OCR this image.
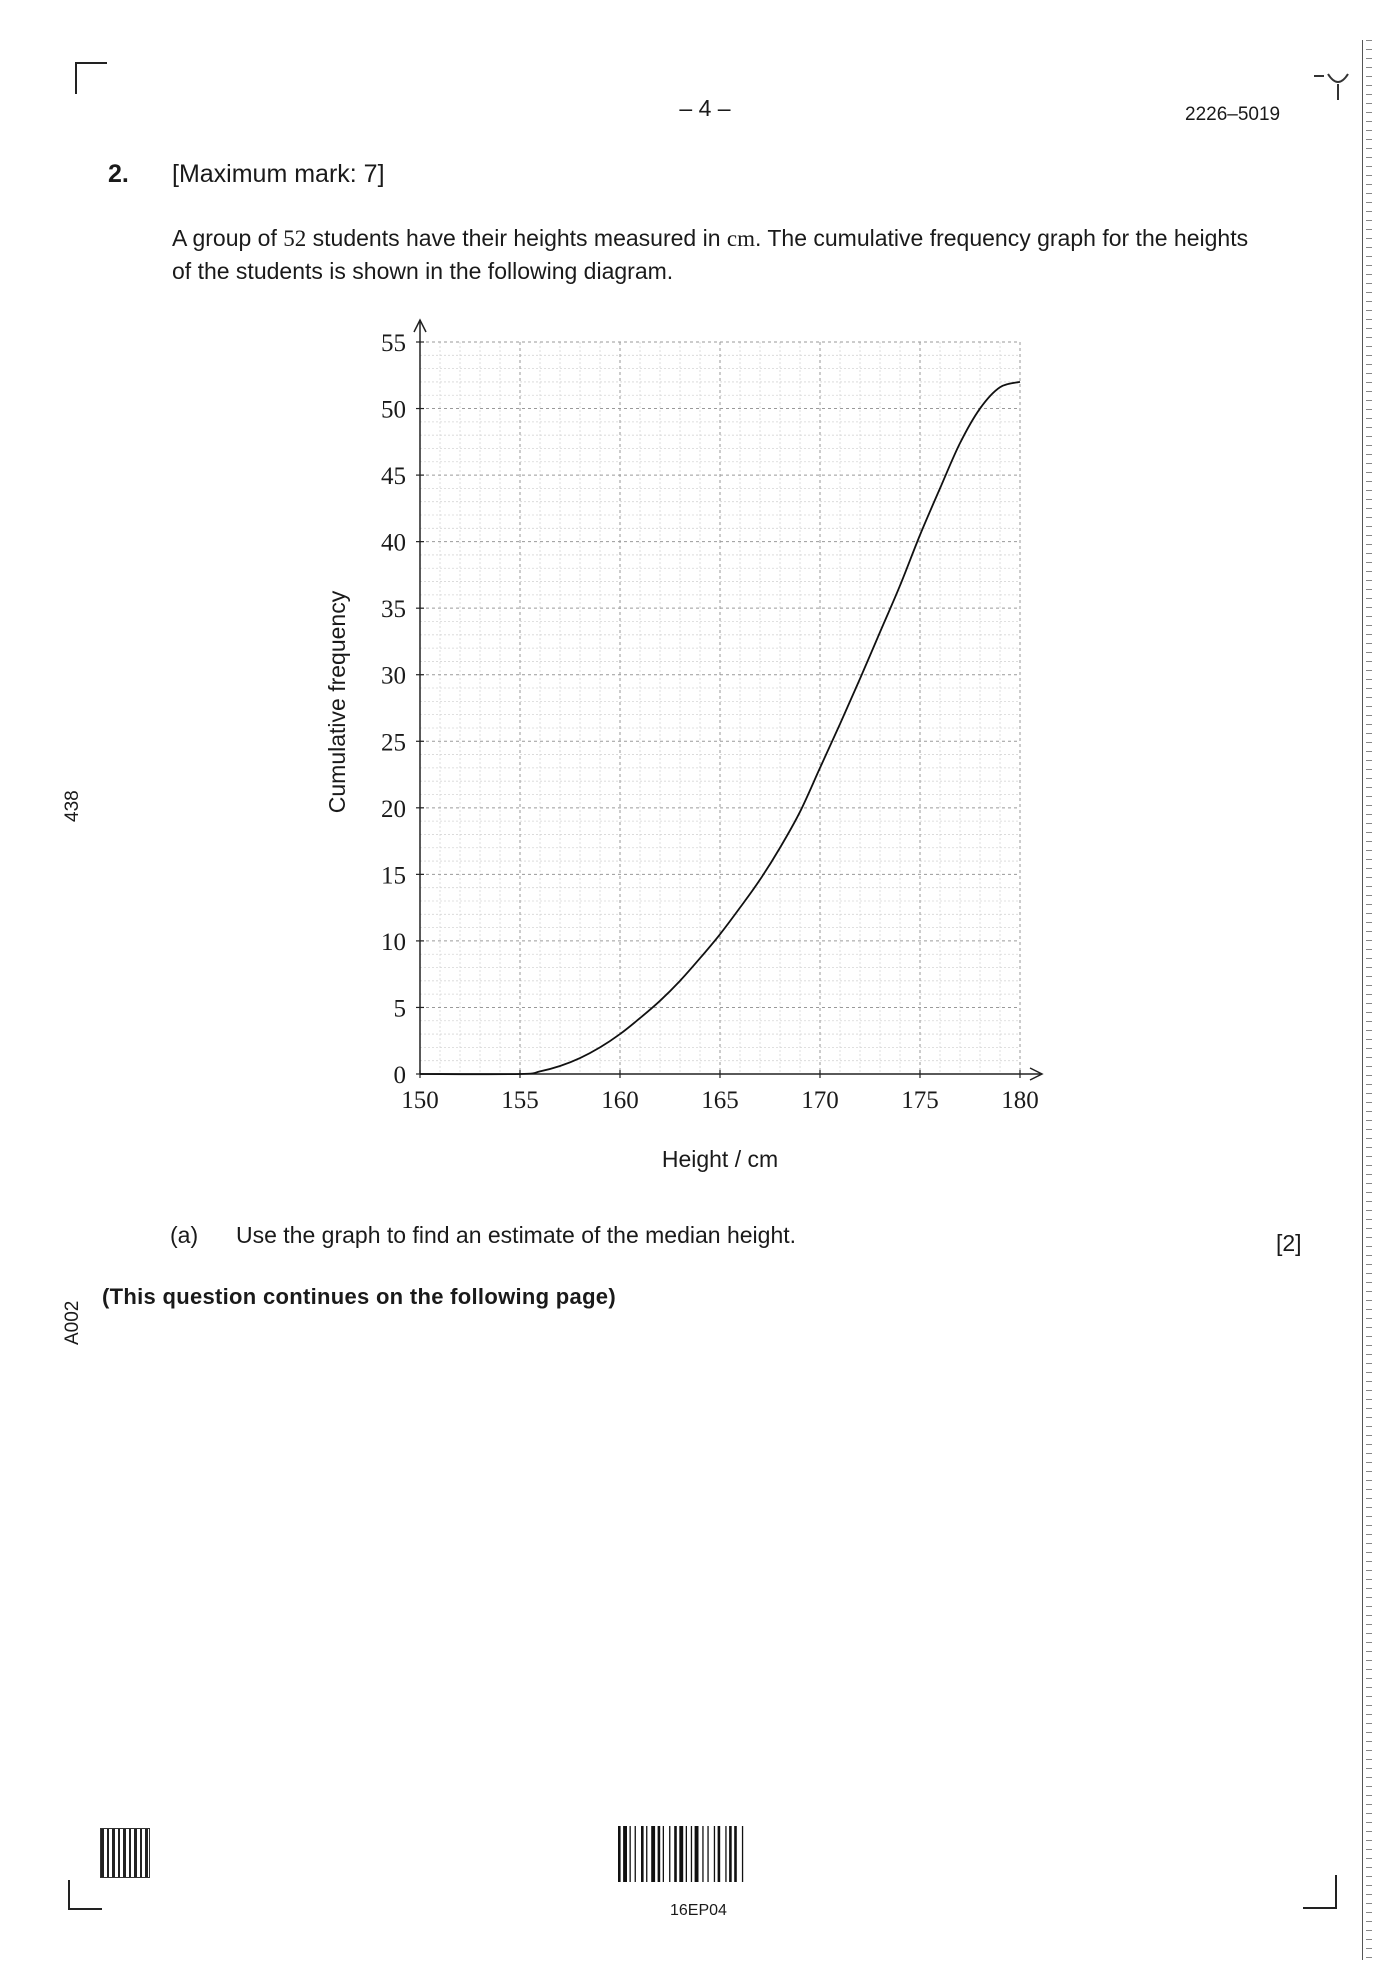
– 4 –	2226–5019
438
A002
2. [Maximum mark: 7]
A group of 52 students have their heights measured in cm. The cumulative frequency graph for the heights of the students is shown in the following diagram.
150	155	160	165	170	175	180
0
5
10
15
20
25
30
35
40
45
50
55
Height / cm
Cumulative frequency
(a) Use the graph to find an estimate of the median height.	[2]
(This question continues on the following page)
16EP04
